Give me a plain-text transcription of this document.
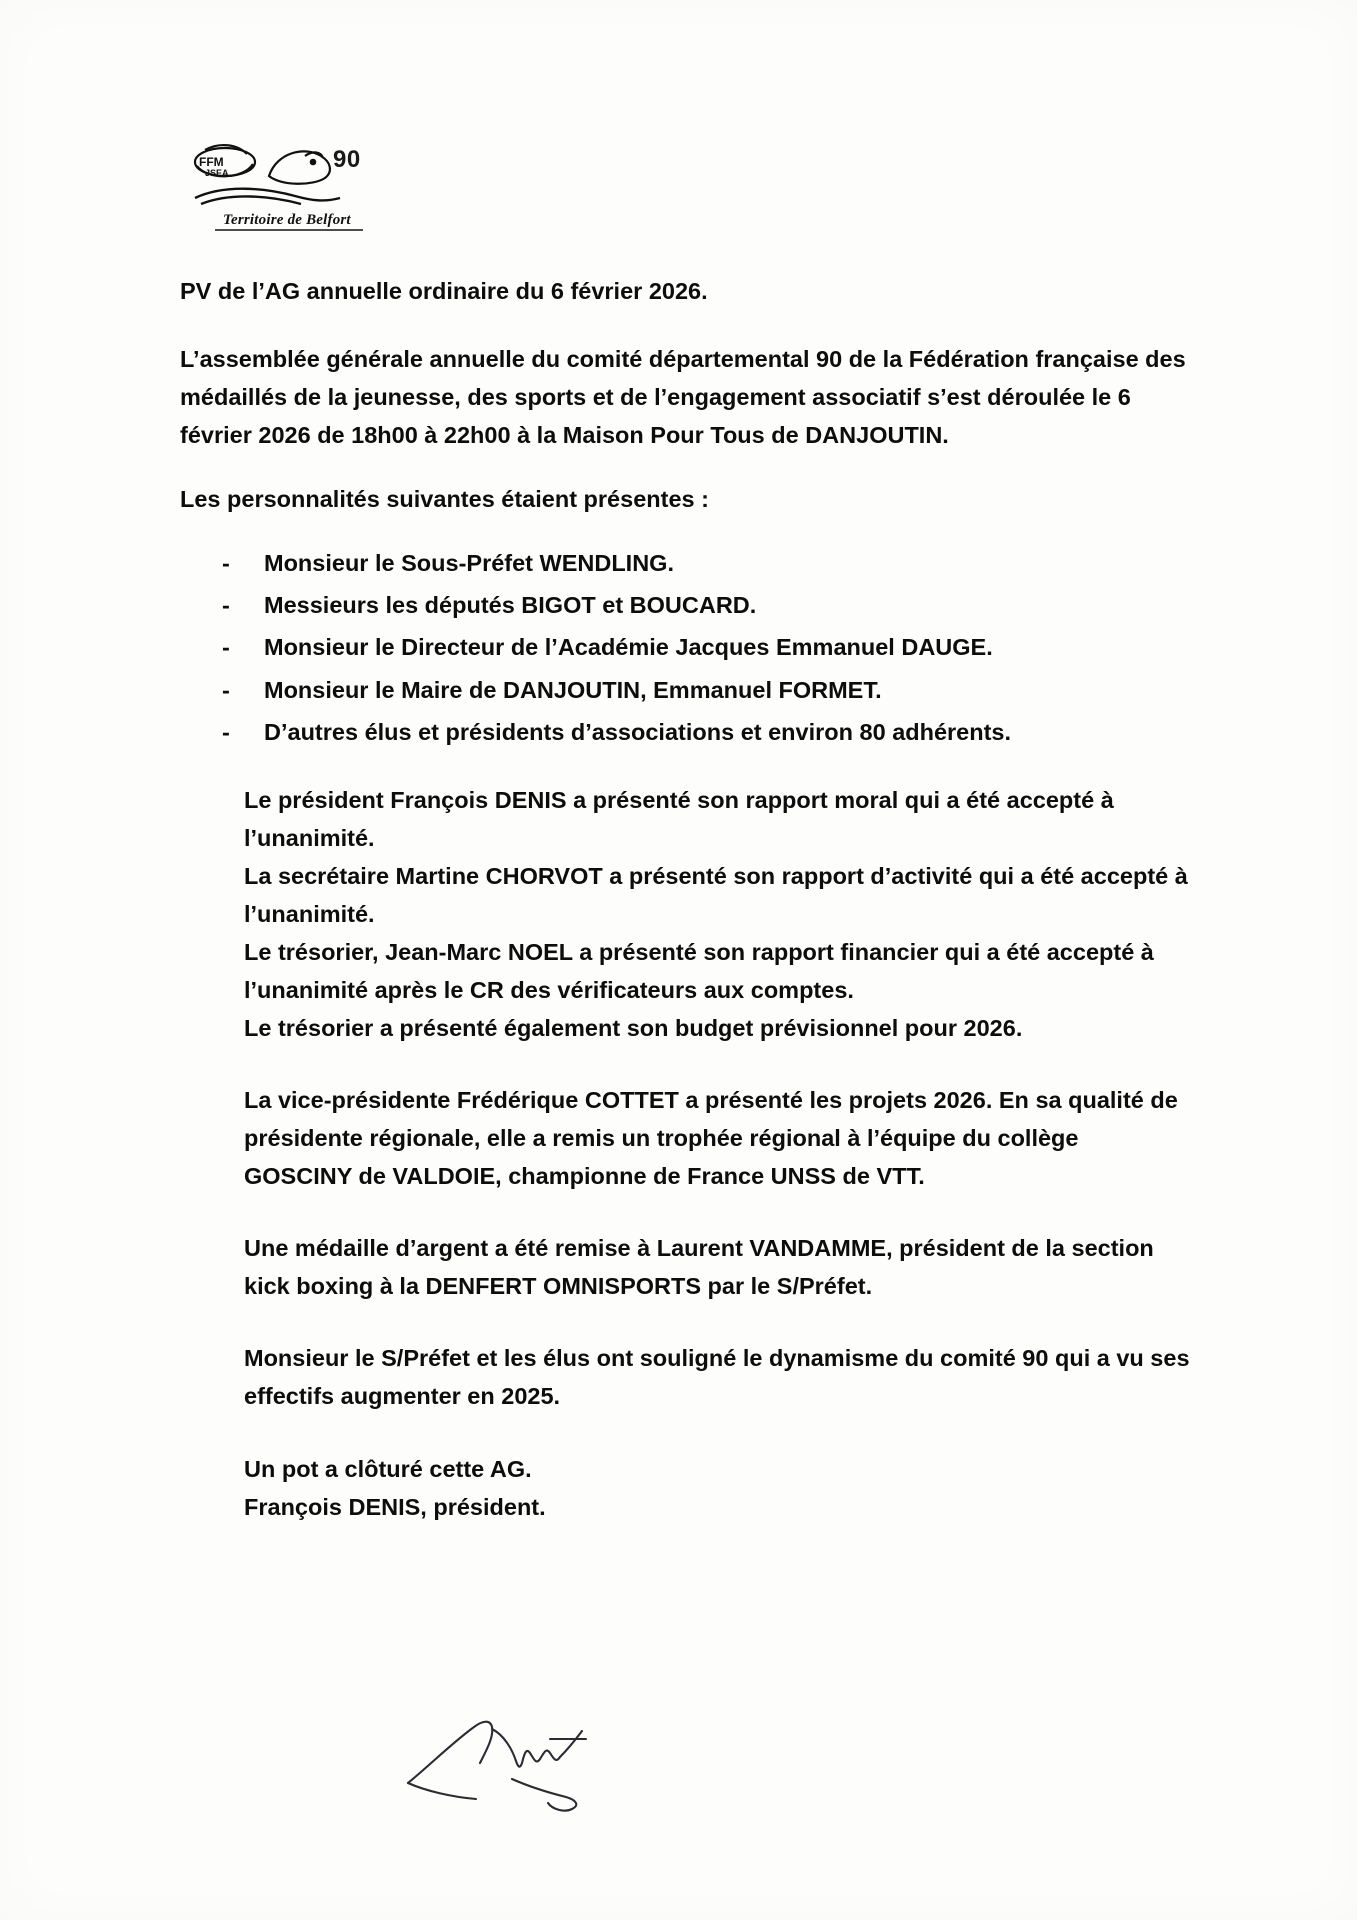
FFM
JSEA	90
Territoire de Belfort

PV de l’AG annuelle ordinaire du 6 février 2026.

L’assemblée générale annuelle du comité départemental 90 de la Fédération française des médaillés de la jeunesse, des sports et de l’engagement associatif s’est déroulée le 6 février 2026 de 18h00 à 22h00 à la Maison Pour Tous de DANJOUTIN.

Les personnalités suivantes étaient présentes :

- Monsieur le Sous-Préfet WENDLING.
- Messieurs les députés BIGOT et BOUCARD.
- Monsieur le Directeur de l’Académie Jacques Emmanuel DAUGE.
- Monsieur le Maire de DANJOUTIN, Emmanuel FORMET.
- D’autres élus et présidents d’associations et environ 80 adhérents.

Le président François DENIS a présenté son rapport moral qui a été accepté à l’unanimité.

La secrétaire Martine CHORVOT a présenté son rapport d’activité qui a été accepté à l’unanimité.

Le trésorier, Jean-Marc NOEL a présenté son rapport financier qui a été accepté à l’unanimité après le CR des vérificateurs aux comptes.

Le trésorier a présenté également son budget prévisionnel pour 2026.

La vice-présidente Frédérique COTTET a présenté les projets 2026. En sa qualité de présidente régionale, elle a remis un trophée régional à l’équipe du collège GOSCINY de VALDOIE, championne de France UNSS de VTT.

Une médaille d’argent a été remise à Laurent VANDAMME, président de la section kick boxing à la DENFERT OMNISPORTS par le S/Préfet.

Monsieur le S/Préfet et les élus ont souligné le dynamisme du comité 90 qui a vu ses effectifs augmenter en 2025.

Un pot a clôturé cette AG.

François DENIS, président.
